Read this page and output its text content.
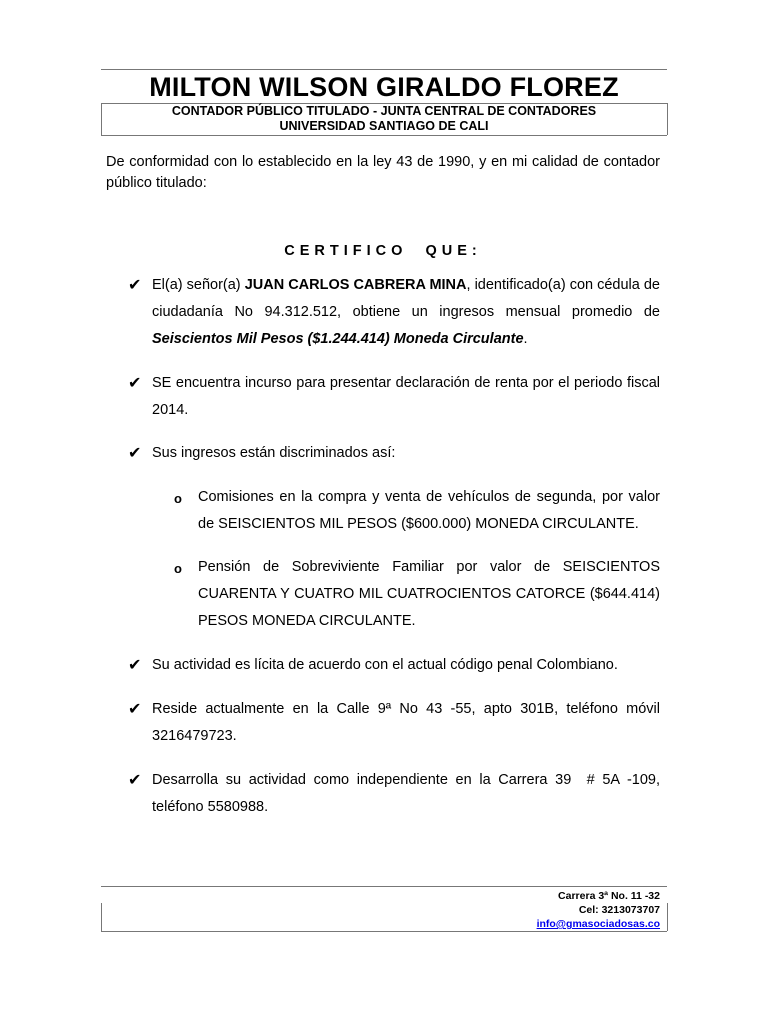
MILTON WILSON GIRALDO FLOREZ
CONTADOR PÚBLICO TITULADO - JUNTA CENTRAL DE CONTADORES
UNIVERSIDAD SANTIAGO DE CALI
De conformidad con lo establecido en la ley 43 de 1990, y en mi calidad de contador público titulado:
CERTIFICO  QUE:
✔ El(a) señor(a) JUAN CARLOS CABRERA MINA, identificado(a) con cédula de ciudadanía No 94.312.512, obtiene un ingresos mensual promedio de Seiscientos Mil Pesos ($1.244.414) Moneda Circulante.
✔ SE encuentra incurso para presentar declaración de renta por el periodo fiscal 2014.
✔ Sus ingresos están discriminados así:
o Comisiones en la compra y venta de vehículos de segunda, por valor de SEISCIENTOS MIL PESOS ($600.000) MONEDA CIRCULANTE.
o Pensión de Sobreviviente Familiar por valor de SEISCIENTOS CUARENTA Y CUATRO MIL CUATROCIENTOS CATORCE ($644.414) PESOS MONEDA CIRCULANTE.
✔ Su actividad es lícita de acuerdo con el actual código penal Colombiano.
✔ Reside actualmente en la Calle 9ª No 43 -55, apto 301B, teléfono móvil 3216479723.
✔ Desarrolla su actividad como independiente en la Carrera 39  # 5A -109, teléfono 5580988.
Carrera 3ª No. 11 -32
Cel: 3213073707
info@gmasociadosas.co
